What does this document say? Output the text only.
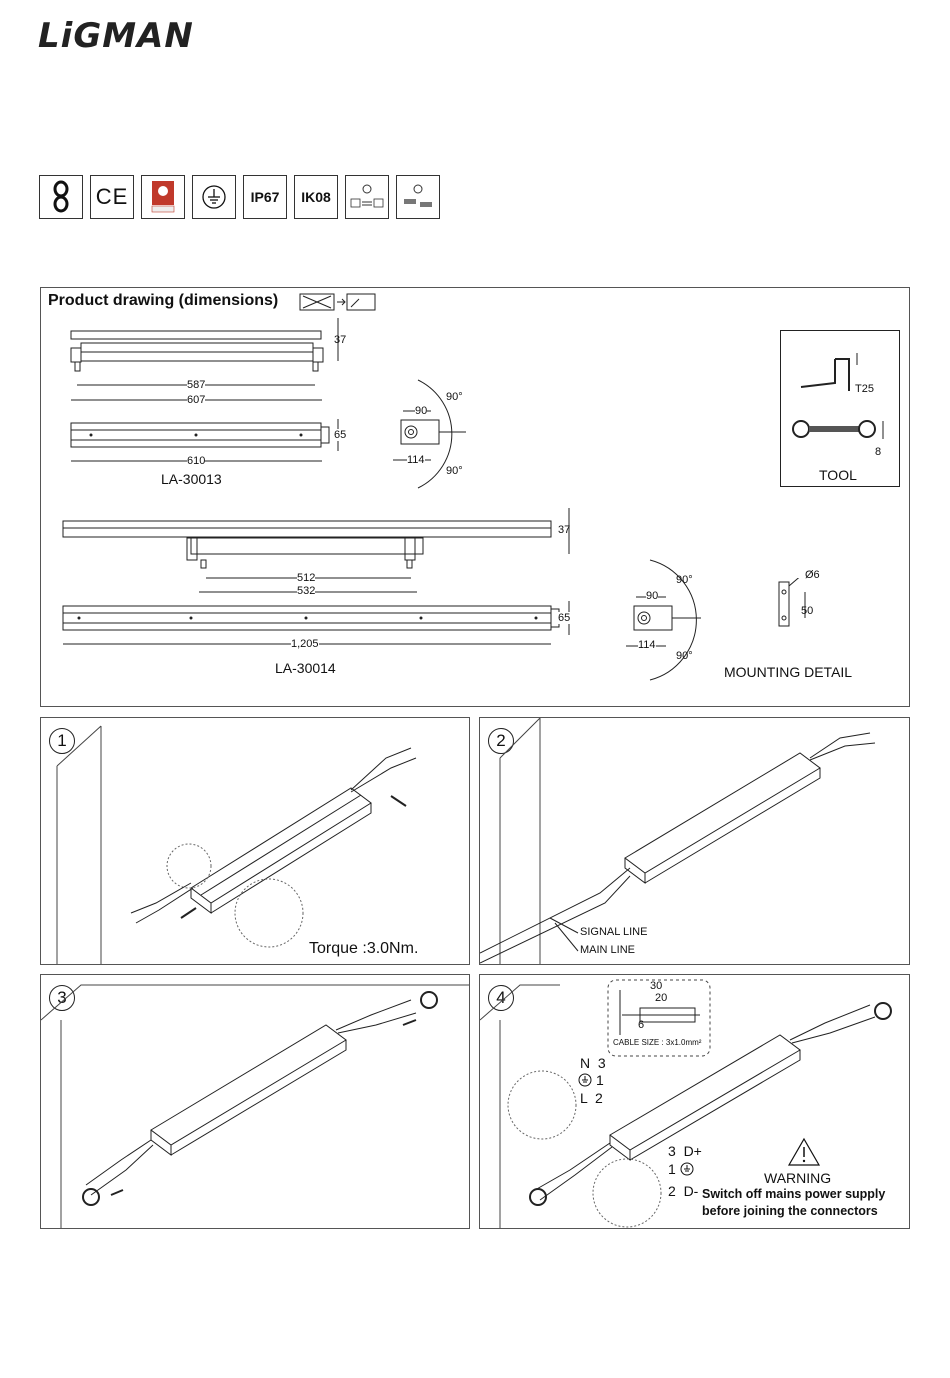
LiGMAN
CE	IP67 IK08
Product drawing (dimensions)
37
587
607
65
610
LA-30013
90°
90
114
90°
T25
8
TOOL
37
512
532
65
1,205
LA-30014
90°
90
114
90°
Ø6
50
MOUNTING DETAIL
1
Torque :3.0Nm.
2
SIGNAL LINE
MAIN LINE
3	4
30
20
6
CABLE SIZE : 3x1.0mm²
N  3
1
L  2
3  D+
1
2  D-
WARNING
Switch off mains power supply
before joining the connectors
